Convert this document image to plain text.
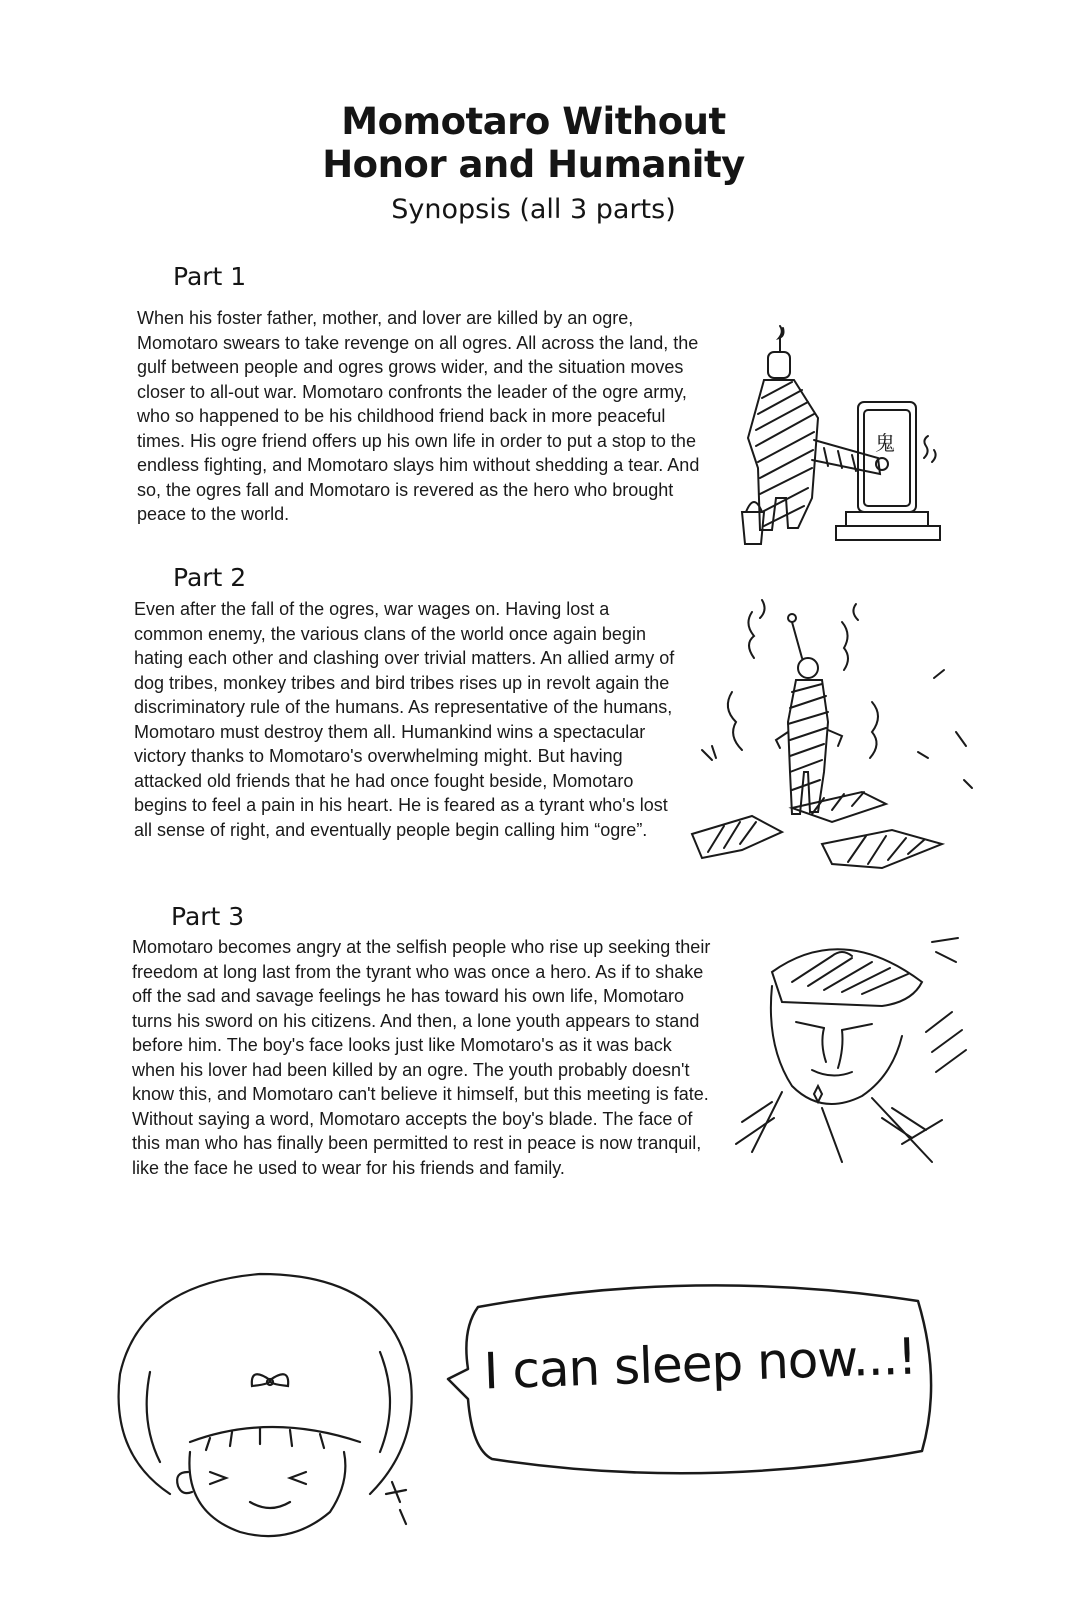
Momotaro Without
Honor and Humanity
Synopsis (all 3 parts)
Part 1

When his foster father, mother, and lover are killed by an ogre, Momotaro swears to take revenge on all ogres. All across the land, the gulf between people and ogres grows wider, and the situation moves closer to all-out war. Momotaro confronts the leader of the ogre army, who so happened to be his childhood friend back in more peaceful times. His ogre friend offers up his own life in order to put a stop to the endless fighting, and Momotaro slays him without shedding a tear. And so, the ogres fall and Momotaro is revered as the hero who brought peace to the world.

鬼
Part 2

Even after the fall of the ogres, war wages on. Having lost a common enemy, the various clans of the world once again begin hating each other and clashing over trivial matters. An allied army of dog tribes, monkey tribes and bird tribes rises up in revolt again the discriminatory rule of the humans. As representative of the humans, Momotaro must destroy them all. Humankind wins a spectacular victory thanks to Momotaro's overwhelming might. But having attacked old friends that he had once fought beside, Momotaro begins to feel a pain in his heart. He is feared as a tyrant who's lost all sense of right, and eventually people begin calling him “ogre”.

Part 3

Momotaro becomes angry at the selfish people who rise up seeking their freedom at long last from the tyrant who was once a hero. As if to shake off the sad and savage feelings he has toward his own life, Momotaro turns his sword on his citizens. And then, a lone youth appears to stand before him. The boy's face looks just like Momotaro's as it was back when his lover had been killed by an ogre. The youth probably doesn't know this, and Momotaro can't believe it himself, but this meeting is fate. Without saying a word, Momotaro accepts the boy's blade. The face of this man who has finally been permitted to rest in peace is now tranquil, like the face he used to wear for his friends and family.

I can sleep now...!
